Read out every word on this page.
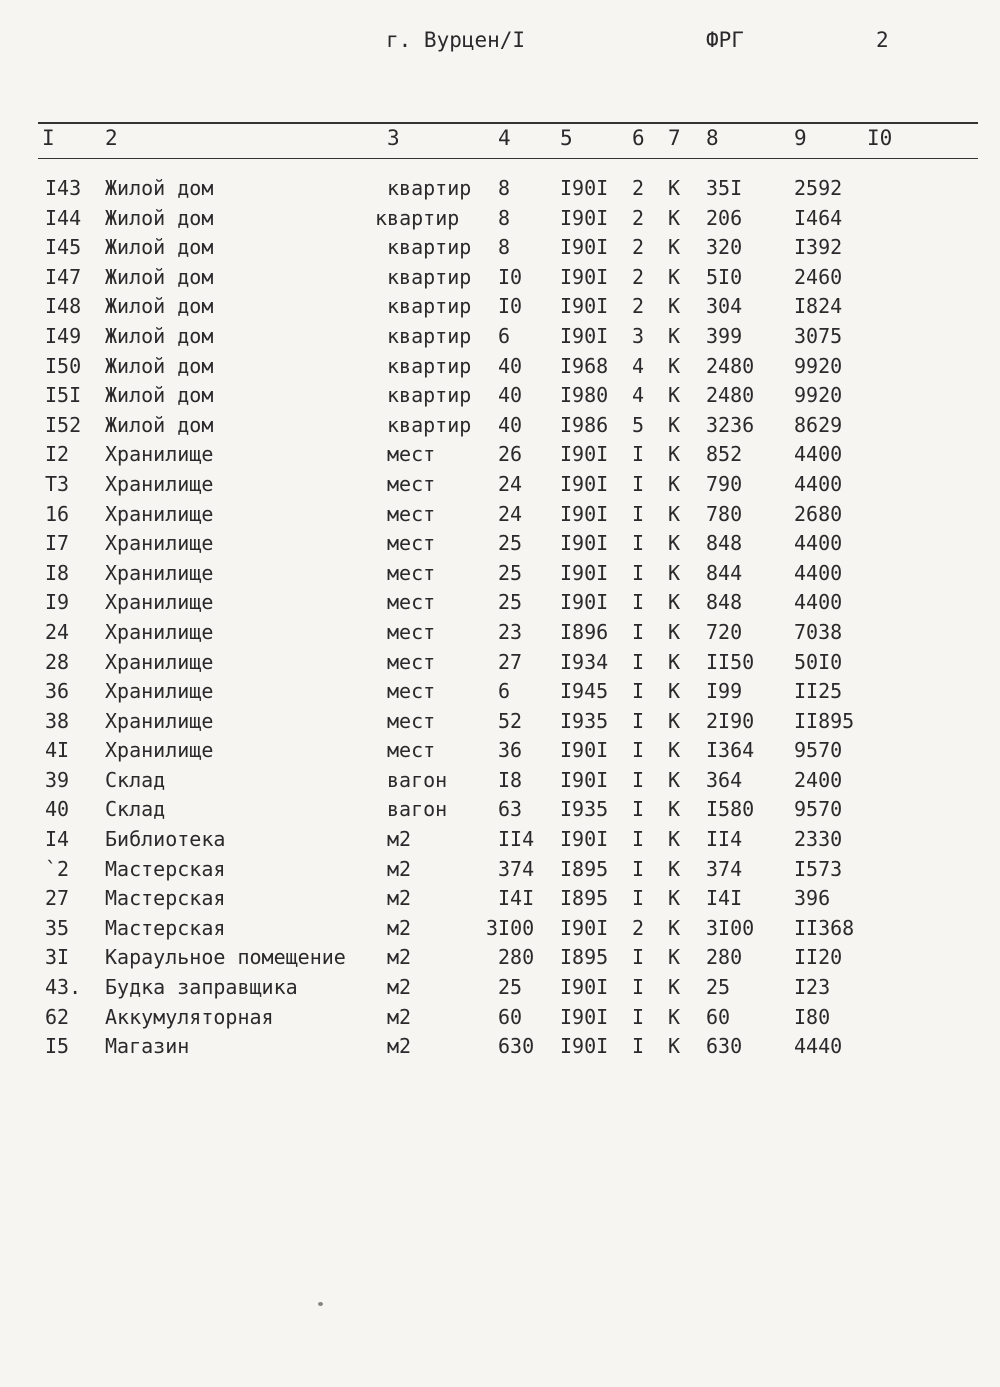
г. Вурцен/I	ФРГ	2
I 2	3	4 5	6 7 8	9	I0
I43 Жилой дом	квартир 8 I90I 2 К 35I	2592
I44 Жилой дом	квартир 8 I90I 2 К 206	I464
I45 Жилой дом	квартир 8 I90I 2 К 320	I392
I47 Жилой дом	квартир I0 I90I 2 К 5I0	2460
I48 Жилой дом	квартир I0 I90I 2 К 304	I824
I49 Жилой дом	квартир 6 I90I 3 К 399	3075
I50 Жилой дом	квартир 40 I968 4 К 2480 9920
I5I Жилой дом	квартир 40 I980 4 К 2480 9920
I52 Жилой дом	квартир 40 I986 5 К 3236 8629
I2 Хранилище	мест	26 I90I I К 852	4400
T3 Хранилище	мест	24 I90I I К 790	4400
16 Хранилище	мест	24 I90I I К 780	2680
I7 Хранилище	мест	25 I90I I К 848	4400
I8 Хранилище	мест	25 I90I I К 844	4400
I9 Хранилище	мест	25 I90I I К 848	4400
24 Хранилище	мест	23 I896 I К 720	7038
28 Хранилище	мест	27 I934 I К II50 50I0
36 Хранилище	мест	6 I945 I К I99	II25
38 Хранилище	мест	52 I935 I К 2I90 II895
4I Хранилище	мест	36 I90I I К I364 9570
39 Склад	вагон	I8 I90I I К 364	2400
40 Склад	вагон	63 I935 I К I580 9570
I4 Библиотека	м2	II4 I90I I К II4	2330
`2 Мастерская	м2	374 I895 I К 374	I573
27 Мастерская	м2	I4I I895 I К I4I	396
35 Мастерская	м2	3I00 I90I 2 К 3I00 II368
3I Караульное помещение м2	280 I895 I К 280	II20
43. Будка заправщика	м2	25 I90I I К 25	I23
62 Аккумуляторная	м2	60 I90I I К 60	I80
I5 Магазин	м2	630 I90I I К 630	4440
